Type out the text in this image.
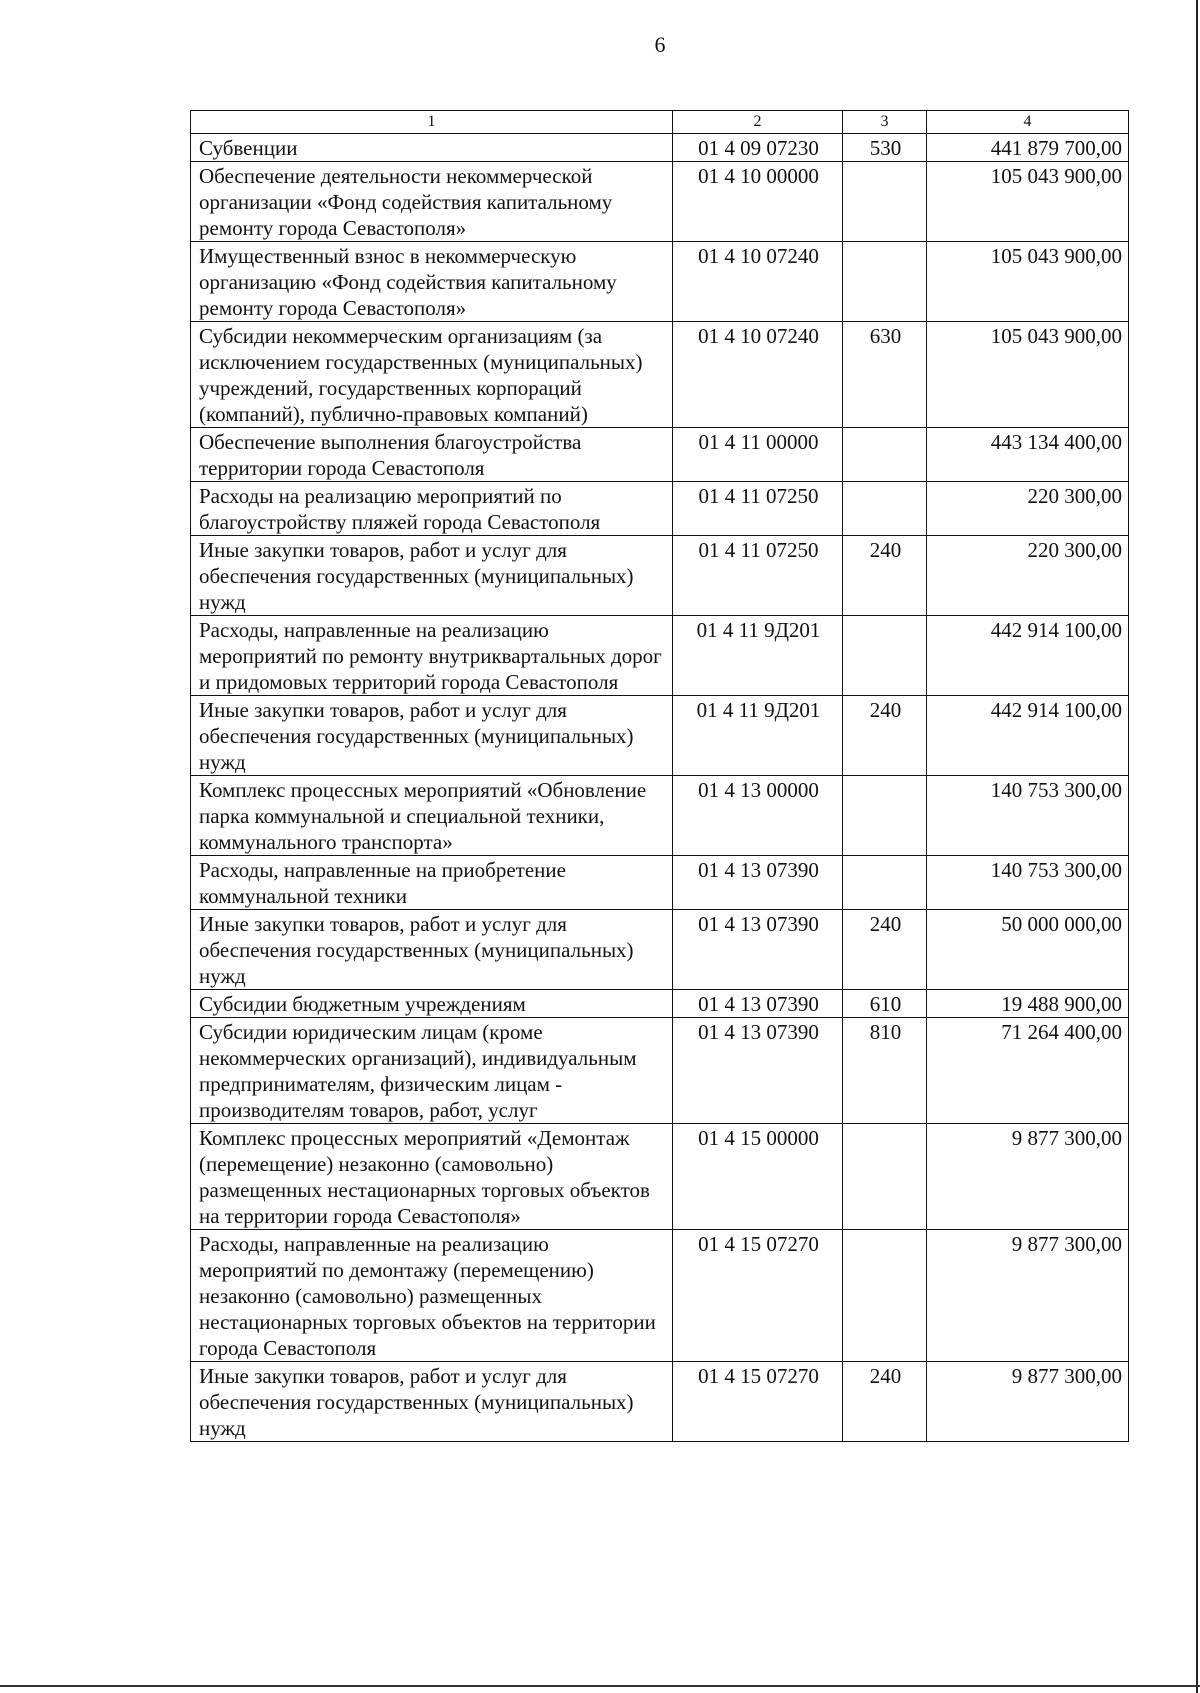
6
1	2	3	4
Субвенции	01 4 09 07230	530	441 879 700,00
Обеспечение деятельности некоммерческой организации «Фонд содействия капитальному ремонту города Севастополя»	01 4 10 00000		105 043 900,00
Имущественный взнос в некоммерческую организацию «Фонд содействия капитальному ремонту города Севастополя»	01 4 10 07240		105 043 900,00
Субсидии некоммерческим организациям (за исключением государственных (муниципальных) учреждений, государственных корпораций (компаний), публично-правовых компаний)	01 4 10 07240	630	105 043 900,00
Обеспечение выполнения благоустройства территории города Севастополя	01 4 11 00000		443 134 400,00
Расходы на реализацию мероприятий по благоустройству пляжей города Севастополя	01 4 11 07250		220 300,00
Иные закупки товаров, работ и услуг для обеспечения государственных (муниципальных) нужд	01 4 11 07250	240	220 300,00
Расходы, направленные на реализацию мероприятий по ремонту внутриквартальных дорог и придомовых территорий города Севастополя	01 4 11 9Д201		442 914 100,00
Иные закупки товаров, работ и услуг для обеспечения государственных (муниципальных) нужд	01 4 11 9Д201	240	442 914 100,00
Комплекс процессных мероприятий «Обновление парка коммунальной и специальной техники, коммунального транспорта»	01 4 13 00000		140 753 300,00
Расходы, направленные на приобретение коммунальной техники	01 4 13 07390		140 753 300,00
Иные закупки товаров, работ и услуг для обеспечения государственных (муниципальных) нужд	01 4 13 07390	240	50 000 000,00
Субсидии бюджетным учреждениям	01 4 13 07390	610	19 488 900,00
Субсидии юридическим лицам (кроме некоммерческих организаций), индивидуальным предпринимателям, физическим лицам - производителям товаров, работ, услуг	01 4 13 07390	810	71 264 400,00
Комплекс процессных мероприятий «Демонтаж (перемещение) незаконно (самовольно) размещенных нестационарных торговых объектов на территории города Севастополя»	01 4 15 00000		9 877 300,00
Расходы, направленные на реализацию мероприятий по демонтажу (перемещению) незаконно (самовольно) размещенных нестационарных торговых объектов на территории города Севастополя	01 4 15 07270		9 877 300,00
Иные закупки товаров, работ и услуг для обеспечения государственных (муниципальных) нужд	01 4 15 07270	240	9 877 300,00
